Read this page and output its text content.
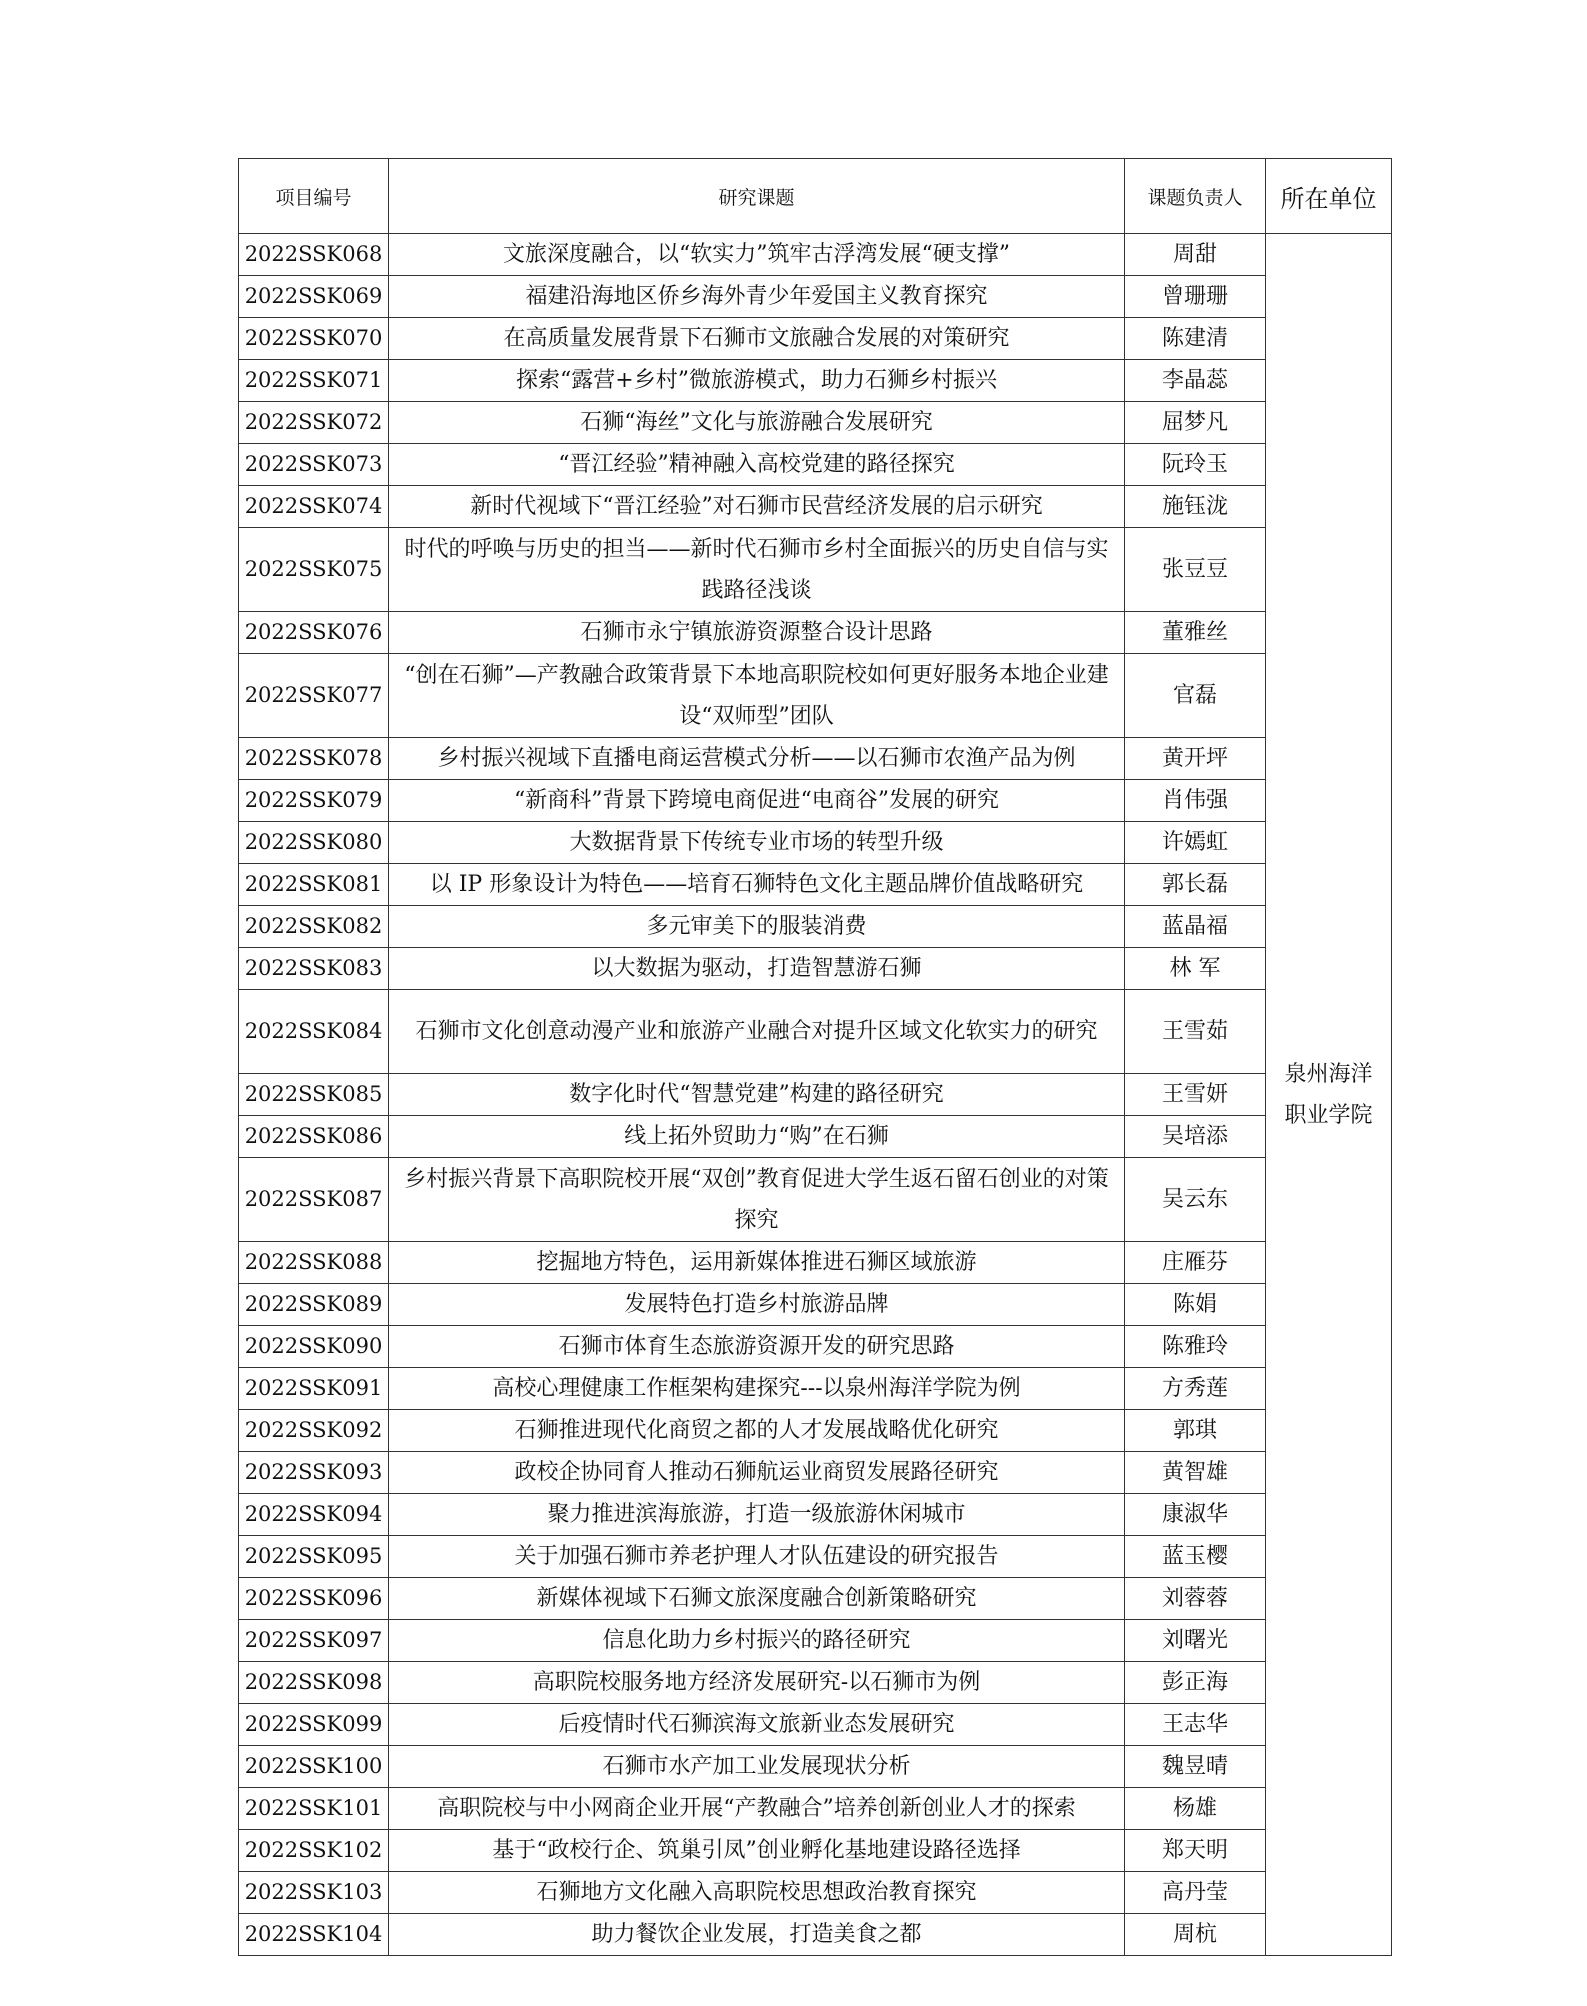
项目编号	研究课题	课题负责人	所在单位
2022SSK068	文旅深度融合，以“软实力”筑牢古浮湾发展“硬支撑”	周甜	泉州海洋职业学院
2022SSK069	福建沿海地区侨乡海外青少年爱国主义教育探究	曾珊珊	
2022SSK070	在高质量发展背景下石狮市文旅融合发展的对策研究	陈建清	
2022SSK071	探索“露营+乡村”微旅游模式，助力石狮乡村振兴	李晶蕊	
2022SSK072	石狮“海丝”文化与旅游融合发展研究	屈梦凡	
2022SSK073	“晋江经验”精神融入高校党建的路径探究	阮玲玉	
2022SSK074	新时代视域下“晋江经验”对石狮市民营经济发展的启示研究	施钰泷	
2022SSK075	时代的呼唤与历史的担当——新时代石狮市乡村全面振兴的历史自信与实践路径浅谈	张豆豆	
2022SSK076	石狮市永宁镇旅游资源整合设计思路	董雅丝	
2022SSK077	“创在石狮”—产教融合政策背景下本地高职院校如何更好服务本地企业建设“双师型”团队	官磊	
2022SSK078	乡村振兴视域下直播电商运营模式分析——以石狮市农渔产品为例	黄开坪	
2022SSK079	“新商科”背景下跨境电商促进“电商谷”发展的研究	肖伟强	
2022SSK080	大数据背景下传统专业市场的转型升级	许嫣虹	
2022SSK081	以 IP 形象设计为特色——培育石狮特色文化主题品牌价值战略研究	郭长磊	
2022SSK082	多元审美下的服装消费	蓝晶福	
2022SSK083	以大数据为驱动，打造智慧游石狮	林 军	
2022SSK084	石狮市文化创意动漫产业和旅游产业融合对提升区域文化软实力的研究	王雪茹	
2022SSK085	数字化时代“智慧党建”构建的路径研究	王雪妍	
2022SSK086	线上拓外贸助力“购”在石狮	吴培添	
2022SSK087	乡村振兴背景下高职院校开展“双创”教育促进大学生返石留石创业的对策探究	吴云东	
2022SSK088	挖掘地方特色，运用新媒体推进石狮区域旅游	庄雁芬	
2022SSK089	发展特色打造乡村旅游品牌	陈娟	
2022SSK090	石狮市体育生态旅游资源开发的研究思路	陈雅玲	
2022SSK091	高校心理健康工作框架构建探究---以泉州海洋学院为例	方秀莲	
2022SSK092	石狮推进现代化商贸之都的人才发展战略优化研究	郭琪	
2022SSK093	政校企协同育人推动石狮航运业商贸发展路径研究	黄智雄	
2022SSK094	聚力推进滨海旅游，打造一级旅游休闲城市	康淑华	
2022SSK095	关于加强石狮市养老护理人才队伍建设的研究报告	蓝玉樱	
2022SSK096	新媒体视域下石狮文旅深度融合创新策略研究	刘蓉蓉	
2022SSK097	信息化助力乡村振兴的路径研究	刘曙光	
2022SSK098	高职院校服务地方经济发展研究-以石狮市为例	彭正海	
2022SSK099	后疫情时代石狮滨海文旅新业态发展研究	王志华	
2022SSK100	石狮市水产加工业发展现状分析	魏昱晴	
2022SSK101	高职院校与中小网商企业开展“产教融合”培养创新创业人才的探索	杨雄	
2022SSK102	基于“政校行企、筑巢引凤”创业孵化基地建设路径选择	郑天明	
2022SSK103	石狮地方文化融入高职院校思想政治教育探究	高丹莹	
2022SSK104	助力餐饮企业发展，打造美食之都	周杭	
